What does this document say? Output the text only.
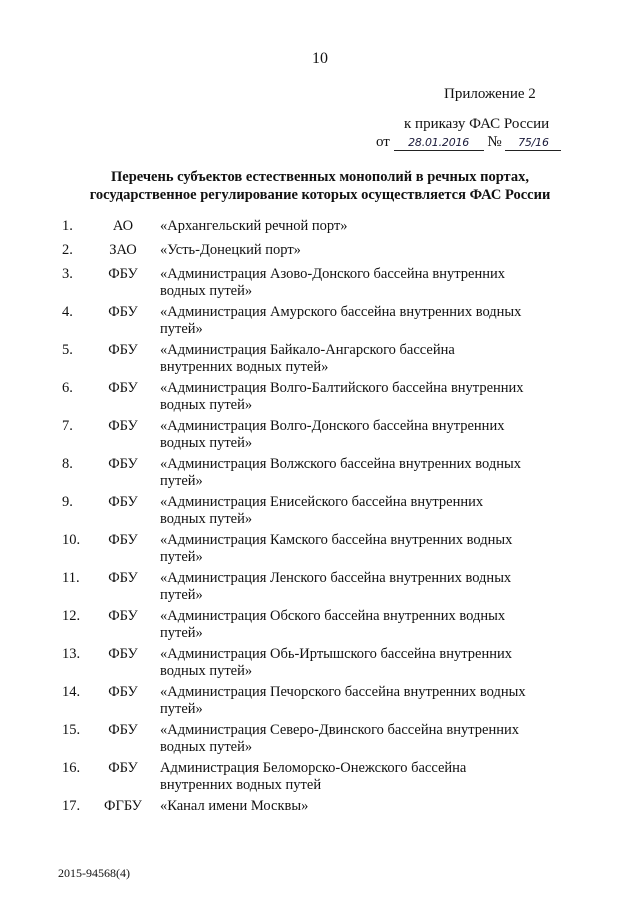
10
Приложение 2
к приказу ФАС России
от 28.01.2016 № 75/16
Перечень субъектов естественных монополий в речных портах,
государственное регулирование которых осуществляется ФАС России
1.	АО	«Архангельский речной порт»
2.	ЗАО	«Усть-Донецкий порт»
3.	ФБУ	«Администрация Азово-Донского бассейна внутренних
водных путей»
4.	ФБУ	«Администрация Амурского бассейна внутренних водных
путей»
5.	ФБУ	«Администрация Байкало-Ангарского бассейна
внутренних водных путей»
6.	ФБУ	«Администрация Волго-Балтийского бассейна внутренних
водных путей»
7.	ФБУ	«Администрация Волго-Донского бассейна внутренних
водных путей»
8.	ФБУ	«Администрация Волжского бассейна внутренних водных
путей»
9.	ФБУ	«Администрация Енисейского бассейна внутренних
водных путей»
10.	ФБУ	«Администрация Камского бассейна внутренних водных
путей»
11.	ФБУ	«Администрация Ленского бассейна внутренних водных
путей»
12.	ФБУ	«Администрация Обского бассейна внутренних водных
путей»
13.	ФБУ	«Администрация Обь-Иртышского бассейна внутренних
водных путей»
14.	ФБУ	«Администрация Печорского бассейна внутренних водных
путей»
15.	ФБУ	«Администрация Северо-Двинского бассейна внутренних
водных путей»
16.	ФБУ	Администрация Беломорско-Онежского бассейна
внутренних водных путей
17.	ФГБУ	«Канал имени Москвы»
2015-94568(4)
